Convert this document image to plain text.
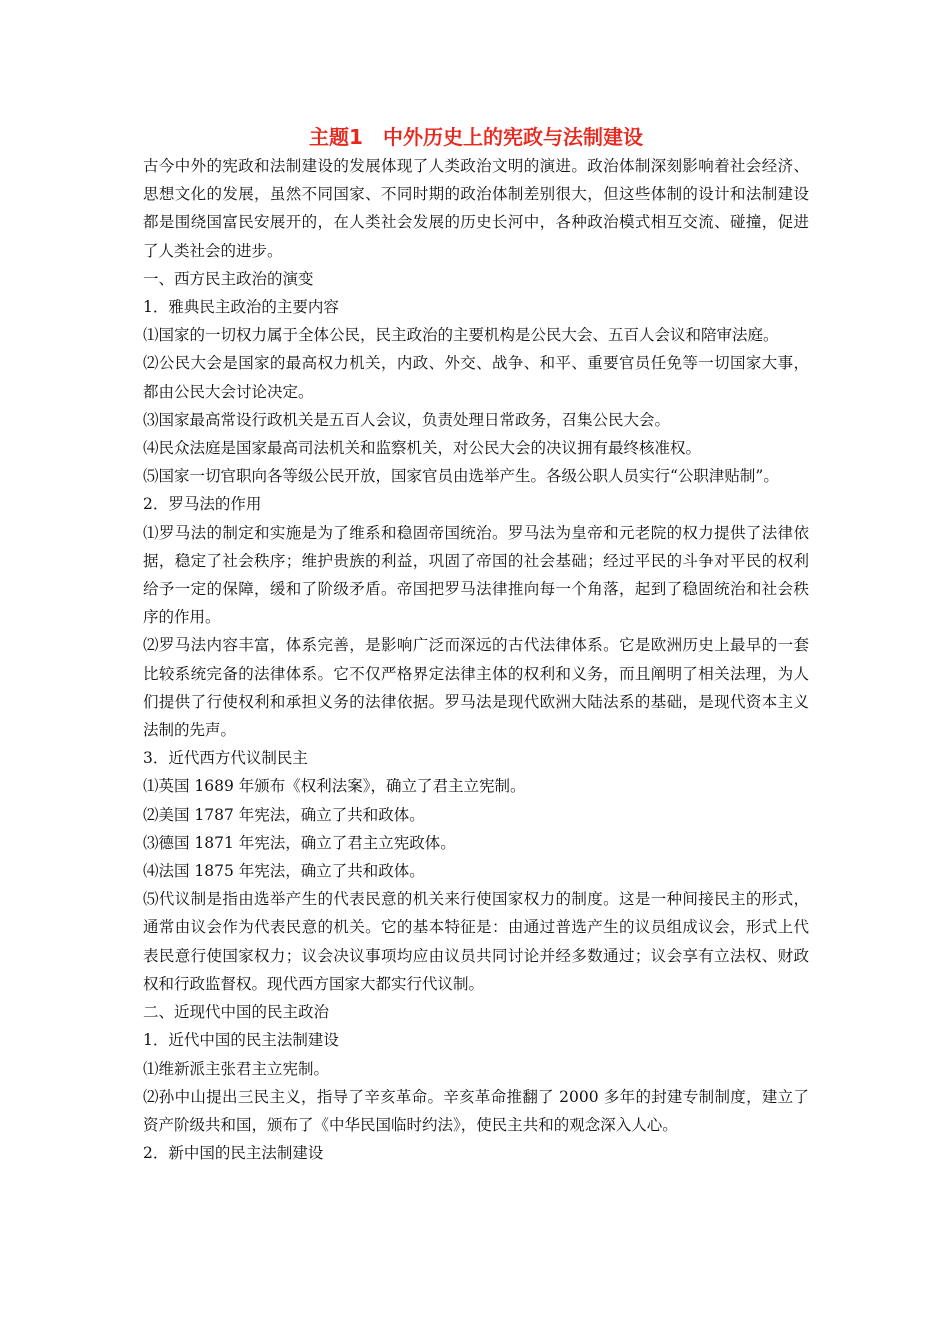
主题1　中外历史上的宪政与法制建设

古今中外的宪政和法制建设的发展体现了人类政治文明的演进。政治体制深刻影响着社会经济、思想文化的发展，虽然不同国家、不同时期的政治体制差别很大，但这些体制的设计和法制建设都是围绕国富民安展开的，在人类社会发展的历史长河中，各种政治模式相互交流、碰撞，促进了人类社会的进步。

一、西方民主政治的演变

1．雅典民主政治的主要内容

⑴国家的一切权力属于全体公民，民主政治的主要机构是公民大会、五百人会议和陪审法庭。

⑵公民大会是国家的最高权力机关，内政、外交、战争、和平、重要官员任免等一切国家大事，都由公民大会讨论决定。

⑶国家最高常设行政机关是五百人会议，负责处理日常政务，召集公民大会。

⑷民众法庭是国家最高司法机关和监察机关，对公民大会的决议拥有最终核准权。

⑸国家一切官职向各等级公民开放，国家官员由选举产生。各级公职人员实行“公职津贴制”。

2．罗马法的作用

⑴罗马法的制定和实施是为了维系和稳固帝国统治。罗马法为皇帝和元老院的权力提供了法律依据，稳定了社会秩序；维护贵族的利益，巩固了帝国的社会基础；经过平民的斗争对平民的权利给予一定的保障，缓和了阶级矛盾。帝国把罗马法律推向每一个角落，起到了稳固统治和社会秩序的作用。

⑵罗马法内容丰富，体系完善，是影响广泛而深远的古代法律体系。它是欧洲历史上最早的一套比较系统完备的法律体系。它不仅严格界定法律主体的权利和义务，而且阐明了相关法理，为人们提供了行使权利和承担义务的法律依据。罗马法是现代欧洲大陆法系的基础，是现代资本主义法制的先声。

3．近代西方代议制民主

⑴英国 1689 年颁布《权利法案》，确立了君主立宪制。

⑵美国 1787 年宪法，确立了共和政体。

⑶德国 1871 年宪法，确立了君主立宪政体。

⑷法国 1875 年宪法，确立了共和政体。

⑸代议制是指由选举产生的代表民意的机关来行使国家权力的制度。这是一种间接民主的形式，通常由议会作为代表民意的机关。它的基本特征是：由通过普选产生的议员组成议会，形式上代表民意行使国家权力；议会决议事项均应由议员共同讨论并经多数通过；议会享有立法权、财政权和行政监督权。现代西方国家大都实行代议制。

二、近现代中国的民主政治

1．近代中国的民主法制建设

⑴维新派主张君主立宪制。

⑵孙中山提出三民主义，指导了辛亥革命。辛亥革命推翻了 2000 多年的封建专制制度，建立了资产阶级共和国，颁布了《中华民国临时约法》，使民主共和的观念深入人心。

2．新中国的民主法制建设
